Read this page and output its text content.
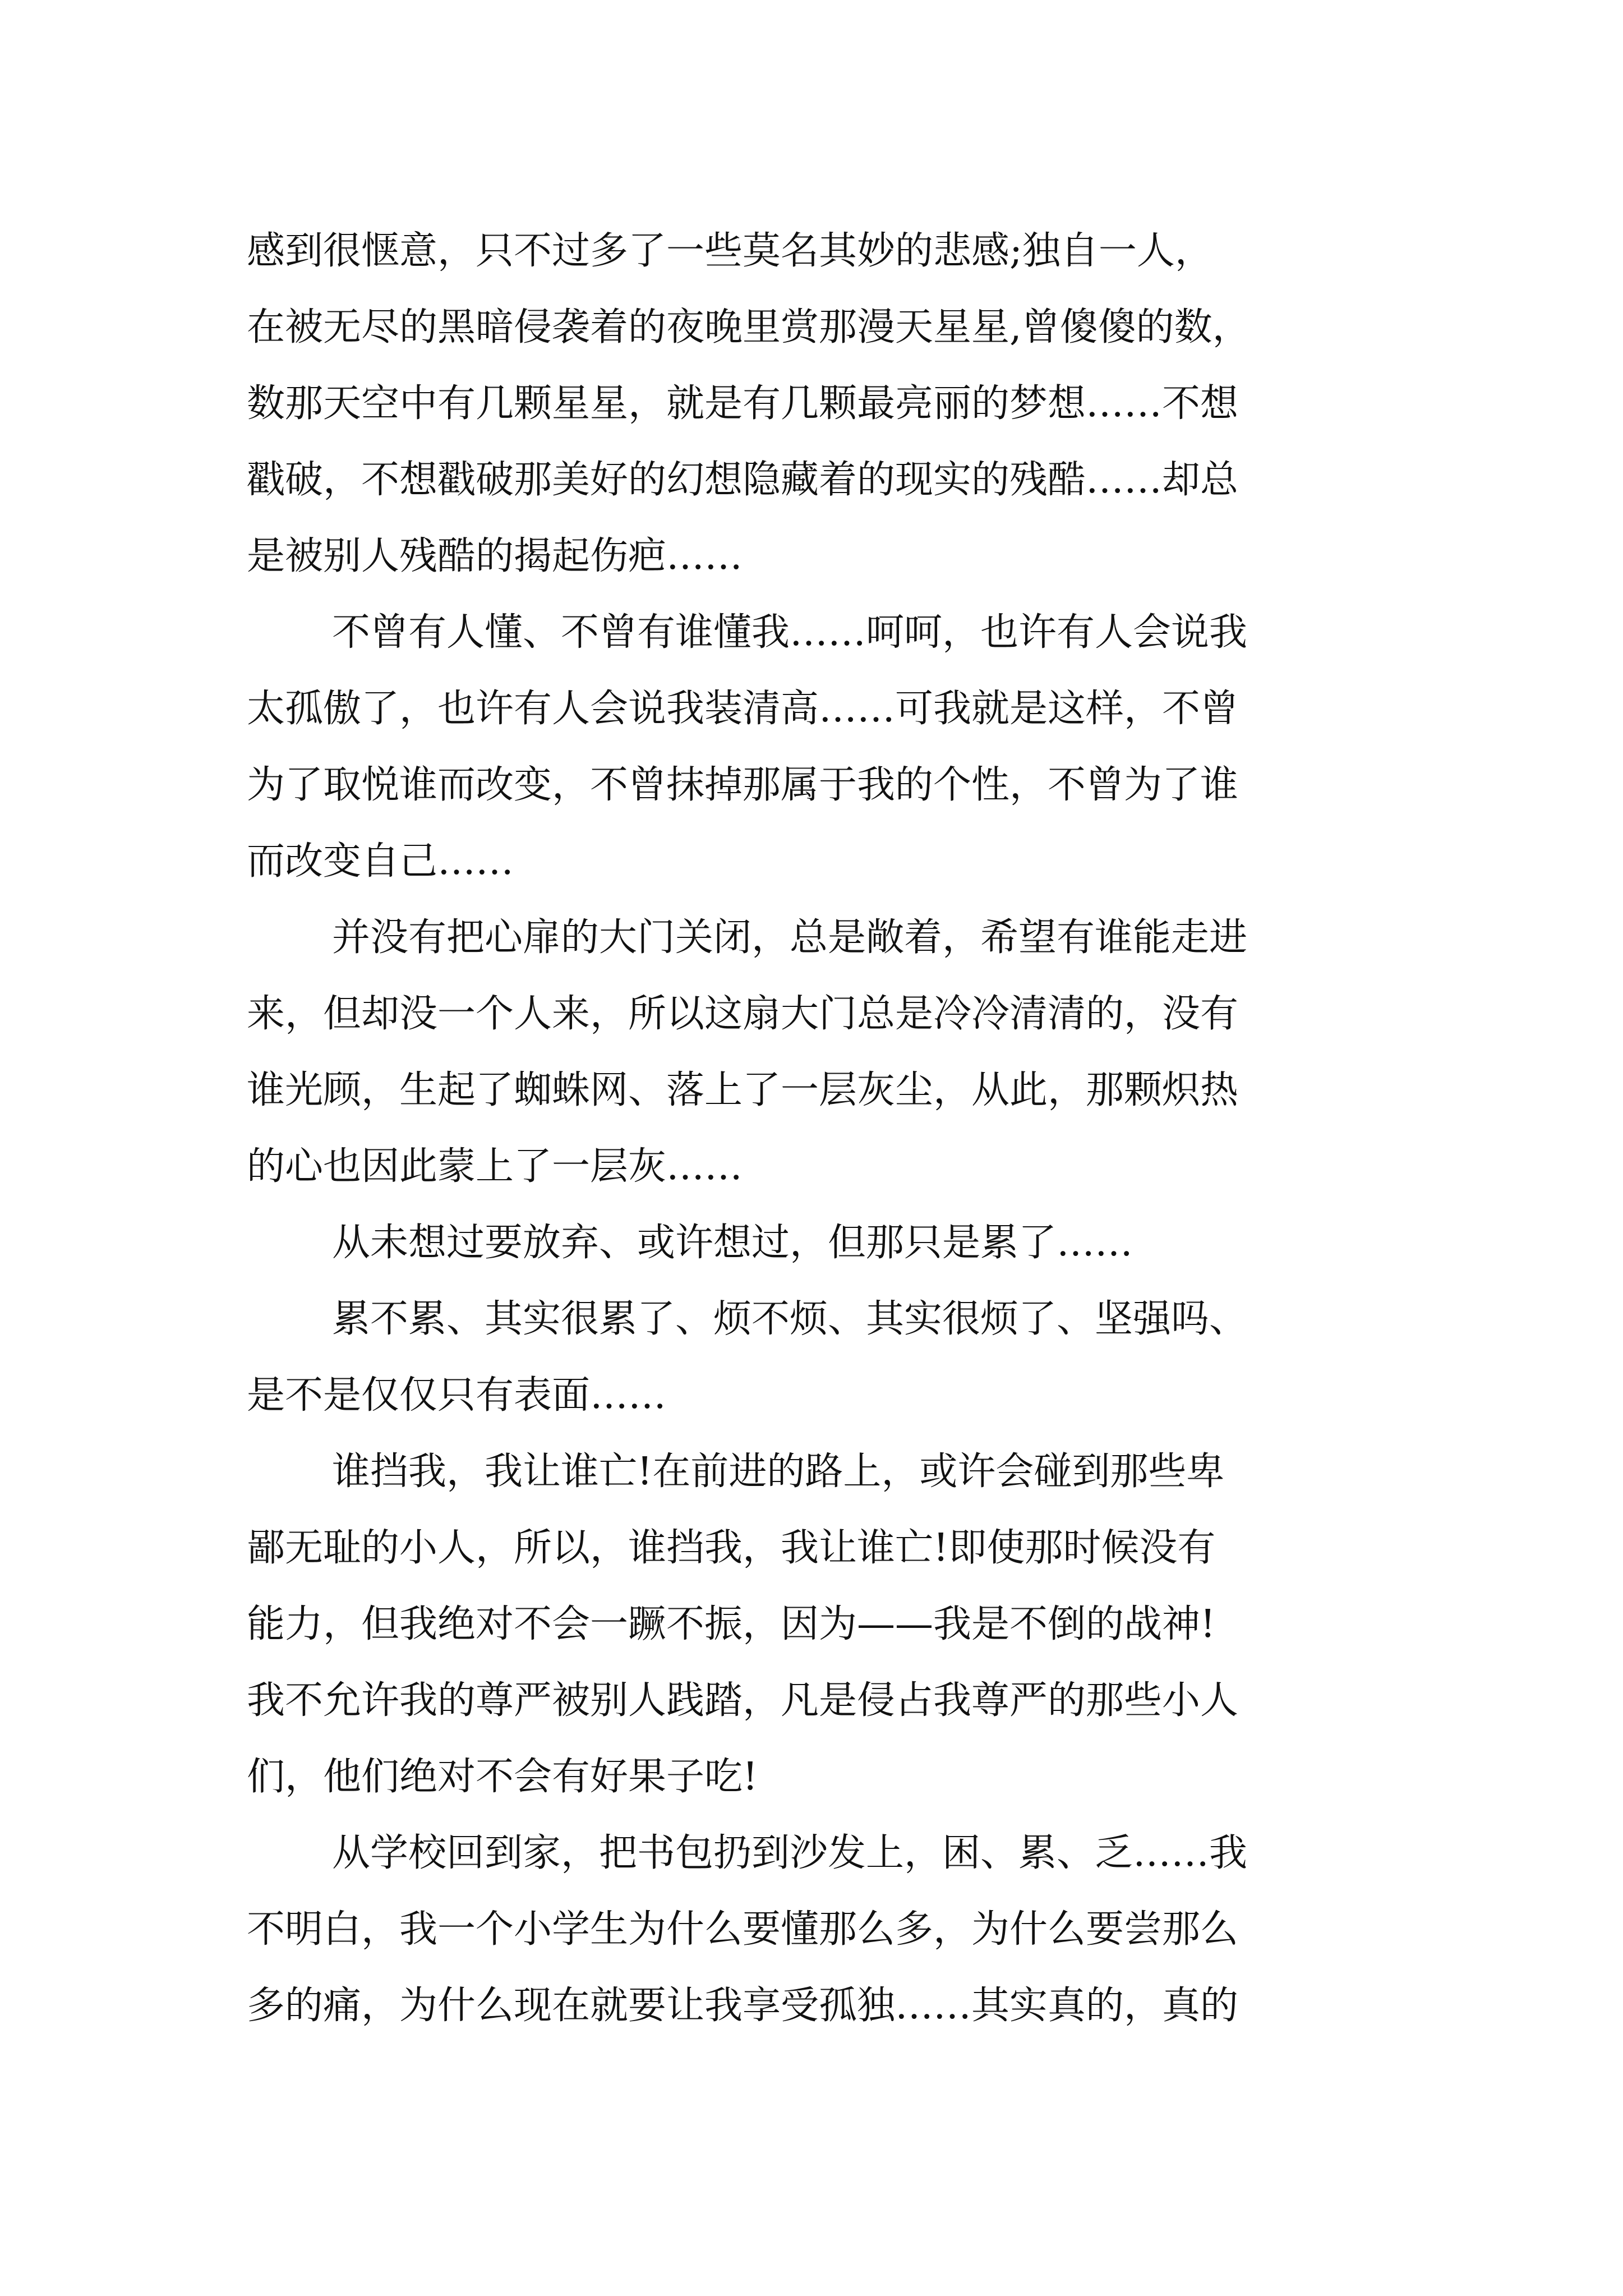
感到很惬意，只不过多了一些莫名其妙的悲感;独自一人，
在被无尽的黑暗侵袭着的夜晚里赏那漫天星星,曾傻傻的数，
数那天空中有几颗星星，就是有几颗最亮丽的梦想……不想
戳破，不想戳破那美好的幻想隐藏着的现实的残酷……却总
是被别人残酷的揭起伤疤……
不曾有人懂、不曾有谁懂我……呵呵，也许有人会说我
太孤傲了，也许有人会说我装清高……可我就是这样，不曾
为了取悦谁而改变，不曾抹掉那属于我的个性，不曾为了谁
而改变自己……
并没有把心扉的大门关闭，总是敞着，希望有谁能走进
来，但却没一个人来，所以这扇大门总是冷冷清清的，没有
谁光顾，生起了蜘蛛网、落上了一层灰尘，从此，那颗炽热
的心也因此蒙上了一层灰……
从未想过要放弃、或许想过，但那只是累了……
累不累、其实很累了、烦不烦、其实很烦了、坚强吗、
是不是仅仅只有表面……
谁挡我，我让谁亡!在前进的路上，或许会碰到那些卑
鄙无耻的小人，所以，谁挡我，我让谁亡!即使那时候没有
能力，但我绝对不会一蹶不振，因为——我是不倒的战神!
我不允许我的尊严被别人践踏，凡是侵占我尊严的那些小人
们，他们绝对不会有好果子吃!
从学校回到家，把书包扔到沙发上，困、累、乏……我
不明白，我一个小学生为什么要懂那么多，为什么要尝那么
多的痛，为什么现在就要让我享受孤独……其实真的，真的
